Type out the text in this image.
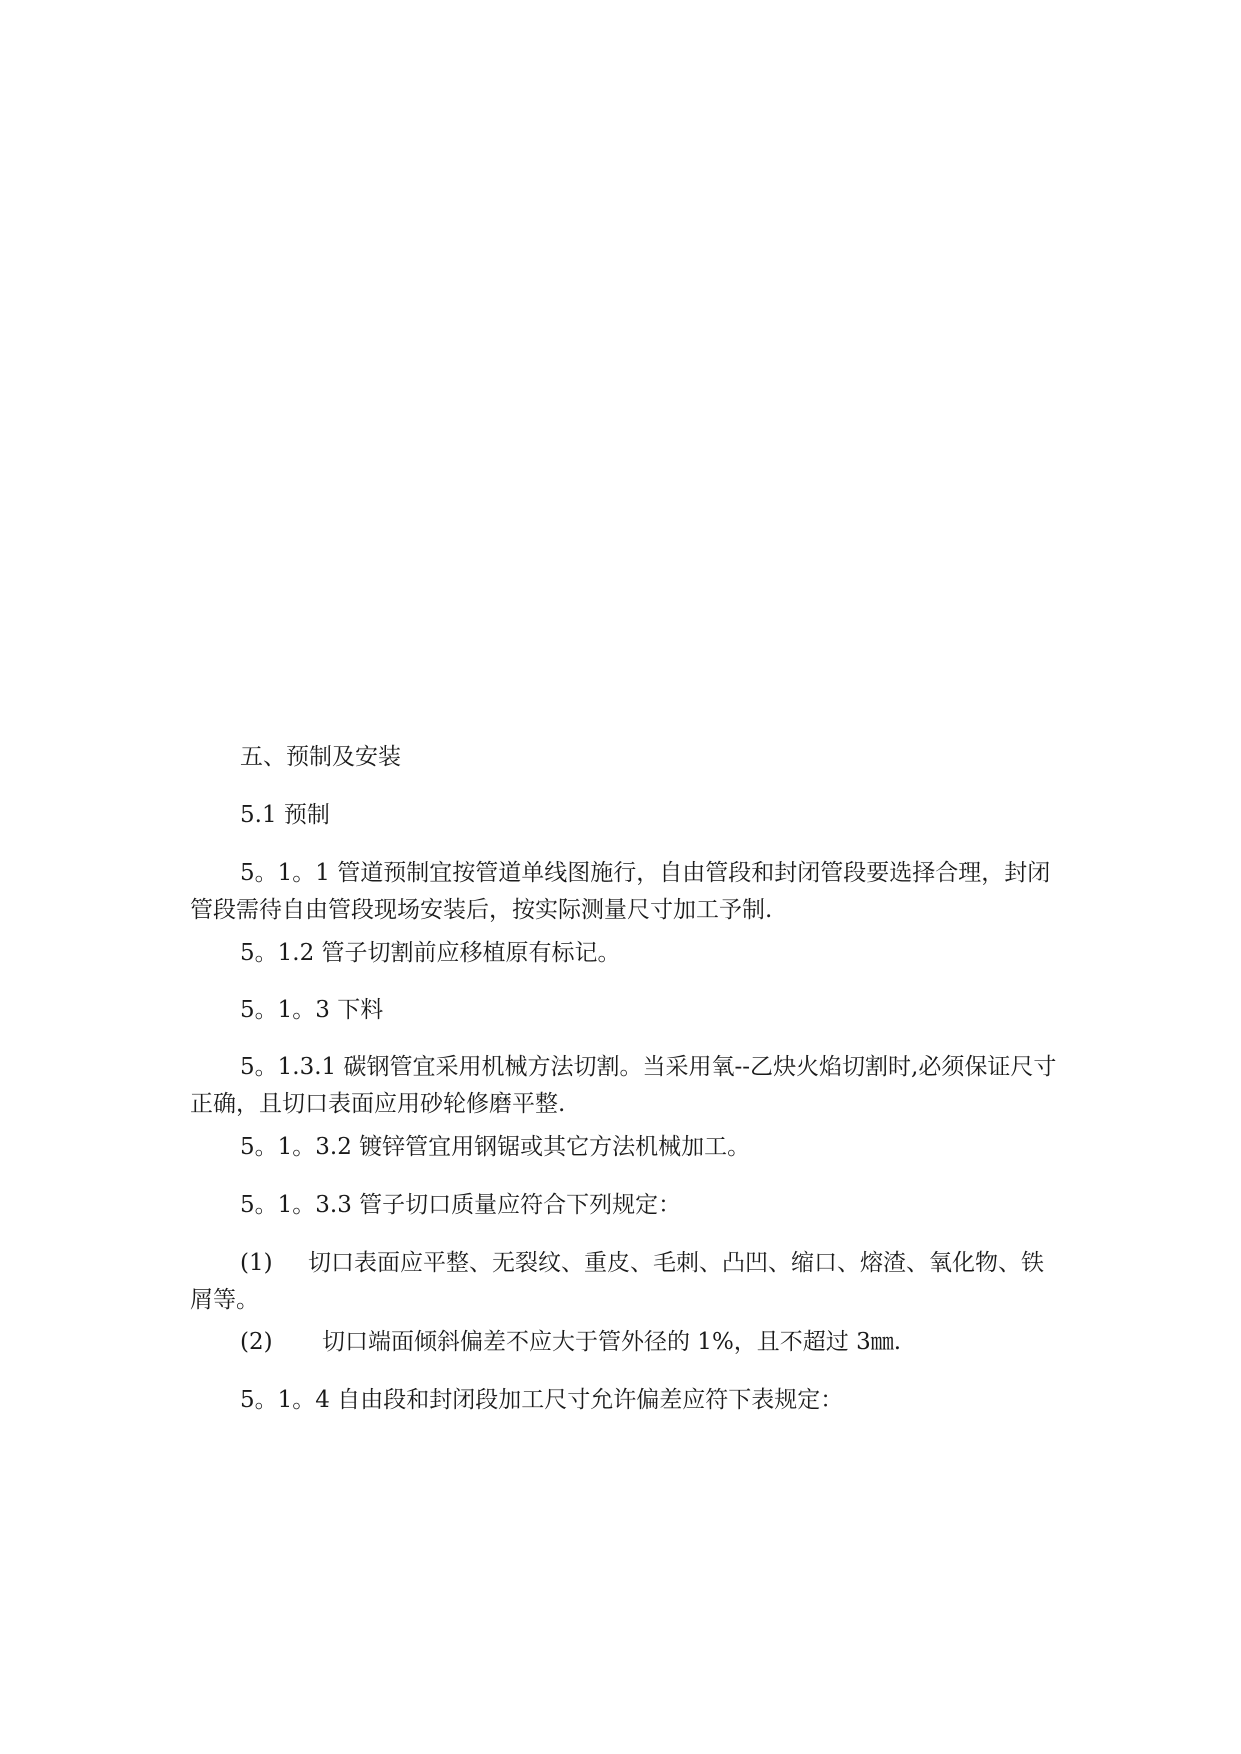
五、预制及安装

5.1 预制

5。1。1 管道预制宜按管道单线图施行，自由管段和封闭管段要选择合理，封闭管段需待自由管段现场安装后，按实际测量尺寸加工予制.

5。1.2 管子切割前应移植原有标记。

5。1。3 下料

5。1.3.1 碳钢管宜采用机械方法切割。当采用氧--乙炔火焰切割时,必须保证尺寸正确，且切口表面应用砂轮修磨平整.

5。1。3.2 镀锌管宜用钢锯或其它方法机械加工。

5。1。3.3 管子切口质量应符合下列规定：

(1) 切口表面应平整、无裂纹、重皮、毛刺、凸凹、缩口、熔渣、氧化物、铁屑等。

(2) 切口端面倾斜偏差不应大于管外径的 1%，且不超过 3㎜.

5。1。4 自由段和封闭段加工尺寸允许偏差应符下表规定：
